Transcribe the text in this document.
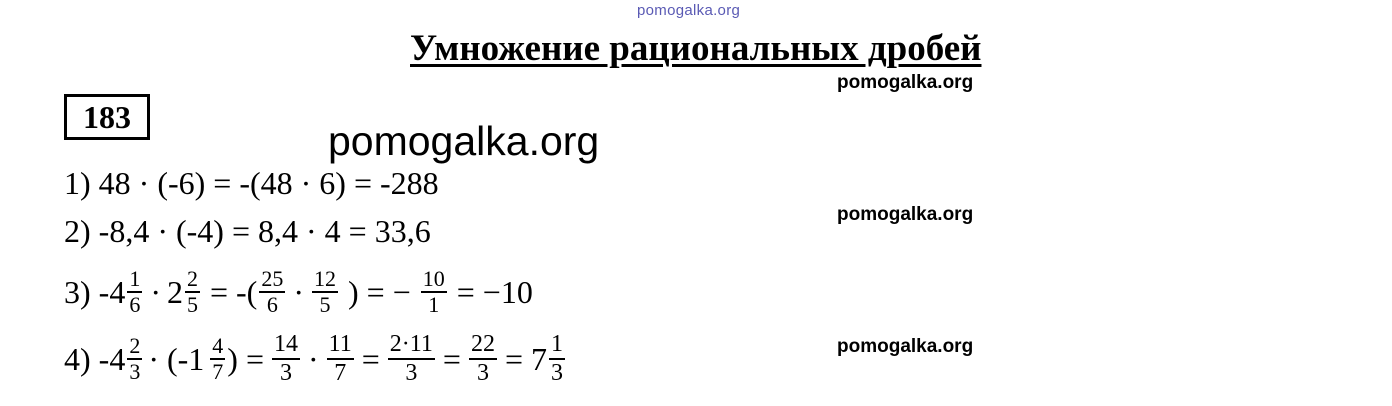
pomogalka.org
Умножение рациональных дробей
pomogalka.org
183
pomogalka.org
1) 48 · (-6) = -(48 · 6) = -288
2) -8,4 · (-4) = 8,4 · 4 = 33,6	pomogalka.org
3) $-4 \frac{1}{6} \cdot 2 \frac{2}{5}$ = -( $\frac{25}{6} \cdot \frac{12}{5}$ ) = − $\frac{10}{1} = -10$
4) $-4 \frac{2}{3} \cdot (-1 \frac{4}{7}$ ) = $\frac{14}{3} \cdot \frac{11}{7} = \frac{2\cdot 11}{3} = \frac{22}{3} = 7 \frac{1}{3}$	pomogalka.org
